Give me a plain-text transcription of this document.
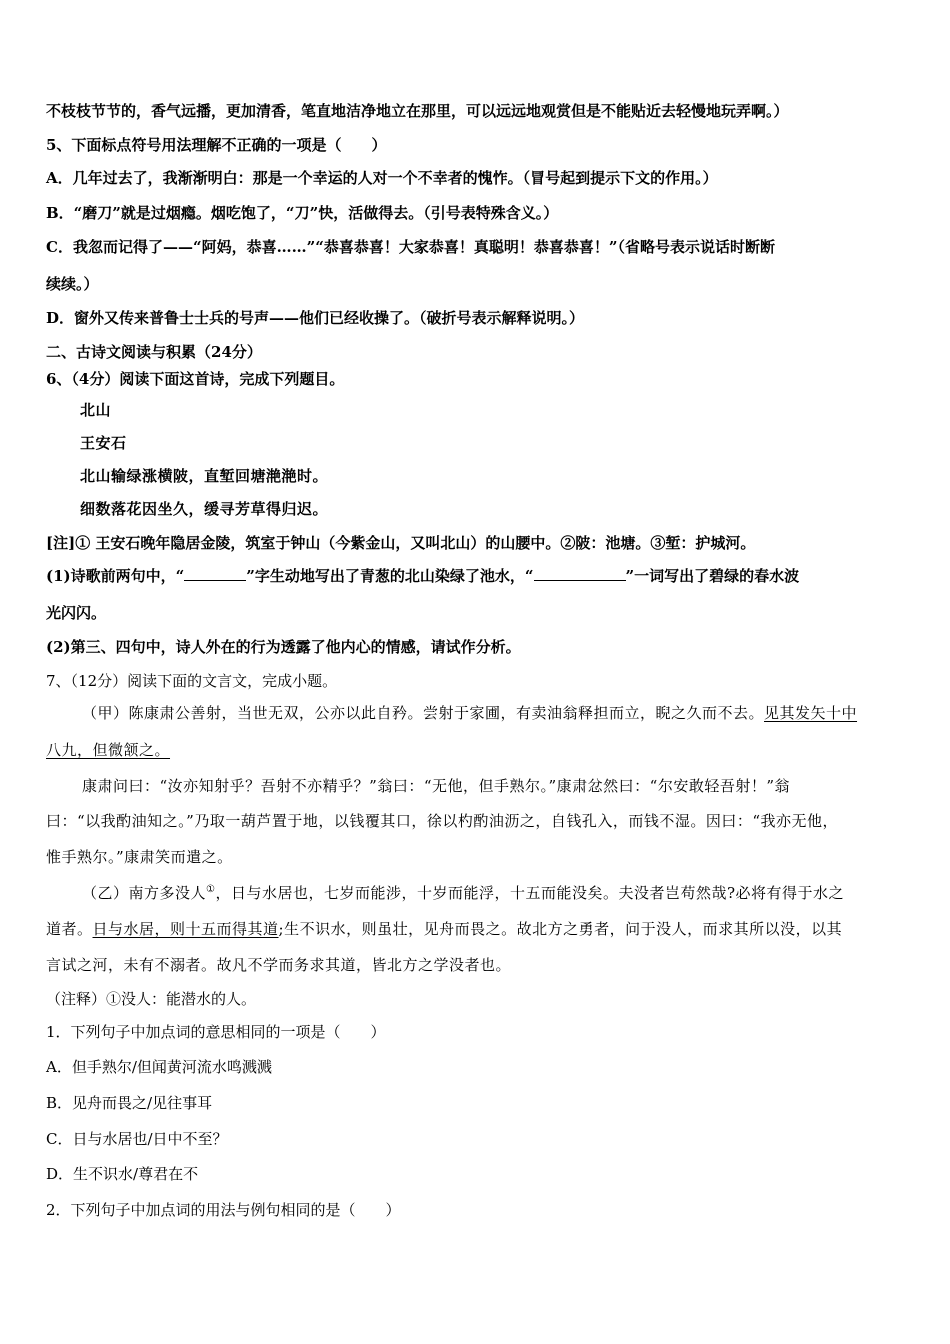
不枝枝节节的，香气远播，更加清香，笔直地洁净地立在那里，可以远远地观赏但是不能贴近去轻慢地玩弄啊。）
5、下面标点符号用法理解不正确的一项是（　　）
A．几年过去了，我渐渐明白：那是一个幸运的人对一个不幸者的愧怍。（冒号起到提示下文的作用。）
B．“磨刀”就是过烟瘾。烟吃饱了，“刀”快，活做得去。（引号表特殊含义。）
C．我忽而记得了——“阿妈，恭喜……”“恭喜恭喜！大家恭喜！真聪明！恭喜恭喜！”（省略号表示说话时断断
续续。）
D．窗外又传来普鲁士士兵的号声——他们已经收操了。（破折号表示解释说明。）
二、古诗文阅读与积累（24分）
6、（4分）阅读下面这首诗，完成下列题目。
北山
王安石
北山输绿涨横陂，直堑回塘滟滟时。
细数落花因坐久，缓寻芳草得归迟。
[注]① 王安石晚年隐居金陵，筑室于钟山（今紫金山，又叫北山）的山腰中。②陂：池塘。③堑：护城河。
(1)诗歌前两句中，“	”字生动地写出了青葱的北山染绿了池水，“	”一词写出了碧绿的春水波
光闪闪。
(2)第三、四句中，诗人外在的行为透露了他内心的情感，请试作分析。
7、（12分）阅读下面的文言文，完成小题。
（甲）陈康肃公善射，当世无双，公亦以此自矜。尝射于家圃，有卖油翁释担而立，睨之久而不去。见其发矢十中
八九，但微颔之。
康肃问曰：“汝亦知射乎？吾射不亦精乎？”翁曰：“无他，但手熟尔。”康肃忿然曰：“尔安敢轻吾射！”翁
曰：“以我酌油知之。”乃取一葫芦置于地，以钱覆其口，徐以杓酌油沥之，自钱孔入，而钱不湿。因曰：“我亦无他，
惟手熟尔。”康肃笑而遣之。
（乙）南方多没人①，日与水居也，七岁而能涉，十岁而能浮，十五而能没矣。夫没者岂苟然哉?必将有得于水之
道者。日与水居，则十五而得其道;生不识水，则虽壮，见舟而畏之。故北方之勇者，问于没人，而求其所以没，以其
言试之河，未有不溺者。故凡不学而务求其道，皆北方之学没者也。
（注释）①没人：能潜水的人。
1．下列句子中加点词的意思相同的一项是（　　）
A．但手熟尔/但闻黄河流水鸣溅溅
B．见舟而畏之/见往事耳
C．日与水居也/日中不至？
D．生不识水/尊君在不
2．下列句子中加点词的用法与例句相同的是（　　）
